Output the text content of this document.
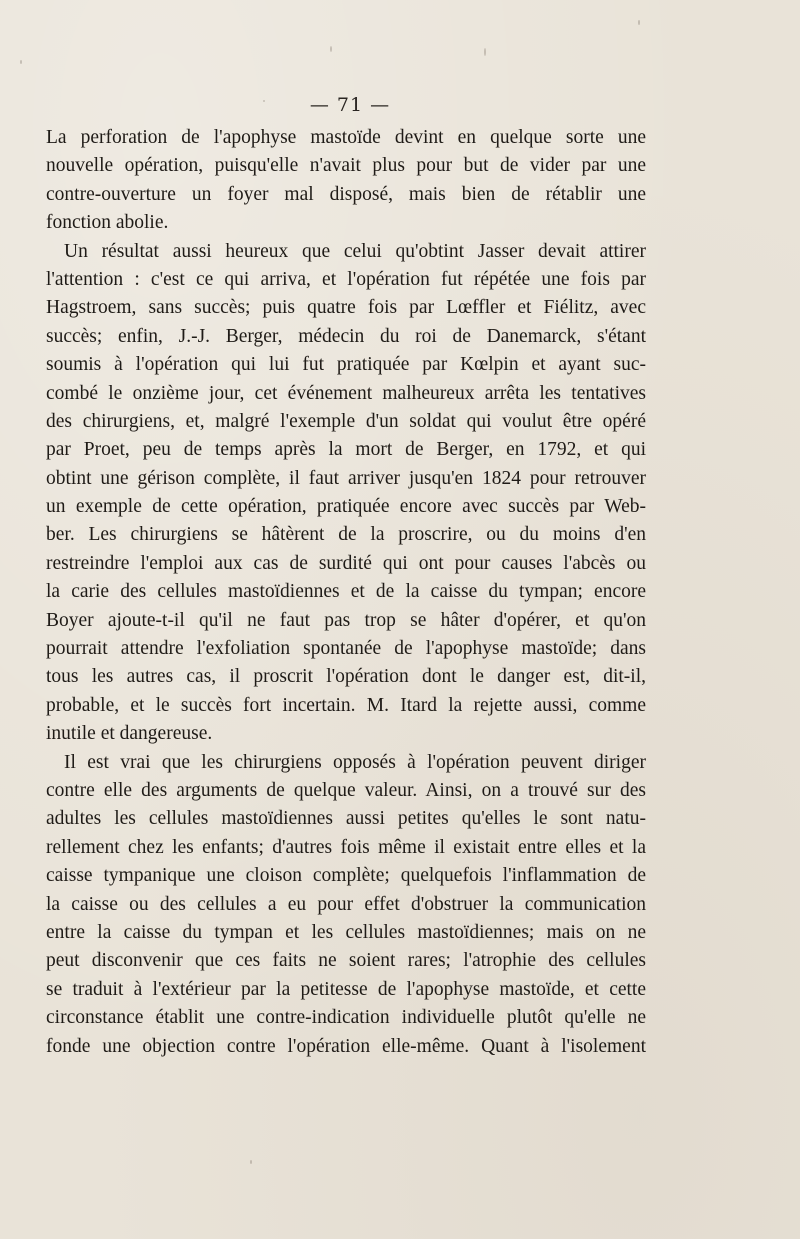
— 71 —
La perforation de l'apophyse mastoïde devint en quelque sorte une
nouvelle opération, puisqu'elle n'avait plus pour but de vider par une
contre-ouverture un foyer mal disposé, mais bien de rétablir une
fonction abolie.
Un résultat aussi heureux que celui qu'obtint Jasser devait attirer
l'attention : c'est ce qui arriva, et l'opération fut répétée une fois par
Hagstroem, sans succès; puis quatre fois par Lœffler et Fiélitz, avec
succès; enfin, J.-J. Berger, médecin du roi de Danemarck, s'étant
soumis à l'opération qui lui fut pratiquée par Kœlpin et ayant suc-
combé le onzième jour, cet événement malheureux arrêta les tentatives
des chirurgiens, et, malgré l'exemple d'un soldat qui voulut être opéré
par Proet, peu de temps après la mort de Berger, en 1792, et qui
obtint une gérison complète, il faut arriver jusqu'en 1824 pour retrouver
un exemple de cette opération, pratiquée encore avec succès par Web-
ber. Les chirurgiens se hâtèrent de la proscrire, ou du moins d'en
restreindre l'emploi aux cas de surdité qui ont pour causes l'abcès ou
la carie des cellules mastoïdiennes et de la caisse du tympan; encore
Boyer ajoute-t-il qu'il ne faut pas trop se hâter d'opérer, et qu'on
pourrait attendre l'exfoliation spontanée de l'apophyse mastoïde; dans
tous les autres cas, il proscrit l'opération dont le danger est, dit-il,
probable, et le succès fort incertain. M. Itard la rejette aussi, comme
inutile et dangereuse.
Il est vrai que les chirurgiens opposés à l'opération peuvent diriger
contre elle des arguments de quelque valeur. Ainsi, on a trouvé sur des
adultes les cellules mastoïdiennes aussi petites qu'elles le sont natu-
rellement chez les enfants; d'autres fois même il existait entre elles et la
caisse tympanique une cloison complète; quelquefois l'inflammation de
la caisse ou des cellules a eu pour effet d'obstruer la communication
entre la caisse du tympan et les cellules mastoïdiennes; mais on ne
peut disconvenir que ces faits ne soient rares; l'atrophie des cellules
se traduit à l'extérieur par la petitesse de l'apophyse mastoïde, et cette
circonstance établit une contre-indication individuelle plutôt qu'elle ne
fonde une objection contre l'opération elle-même. Quant à l'isolement
